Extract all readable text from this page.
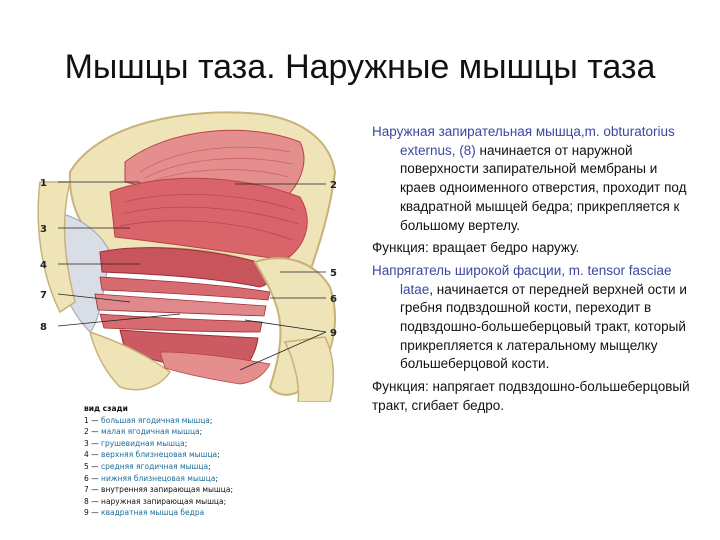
Мышцы таза. Наружные мышцы таза
1
3
4
7
8
2
5
6
9
вид сзади
1 — большая ягодичная мышца;
2 — малая ягодичная мышца;
3 — грушевидная мышца;
4 — верхняя близнецовая мышца;
5 — средняя ягодичная мышца;
6 — нижняя близнецовая мышца;
7 — внутренняя запирающая мышца;
8 — наружная запирающая мышца;
9 — квадратная мышца бедра

Наружная запирательная мышца,m. obturatorius externus, (8) начинается от наружной поверхности запирательной мембраны и краев одноименного отверстия, проходит под квадратной мышцей бедра; прикрепляется к большому вертелу.

Функция: вращает бедро наружу.

Напрягатель широкой фасции, m. tensor fasciae latae, начинается от передней верхней ости и гребня подвздошной кости, переходит в подвздошно-большеберцовый тракт, который прикрепляется к латеральному мыщелку большеберцовой кости.

Функция: напрягает подвздошно-большеберцовый тракт, сгибает бедро.
